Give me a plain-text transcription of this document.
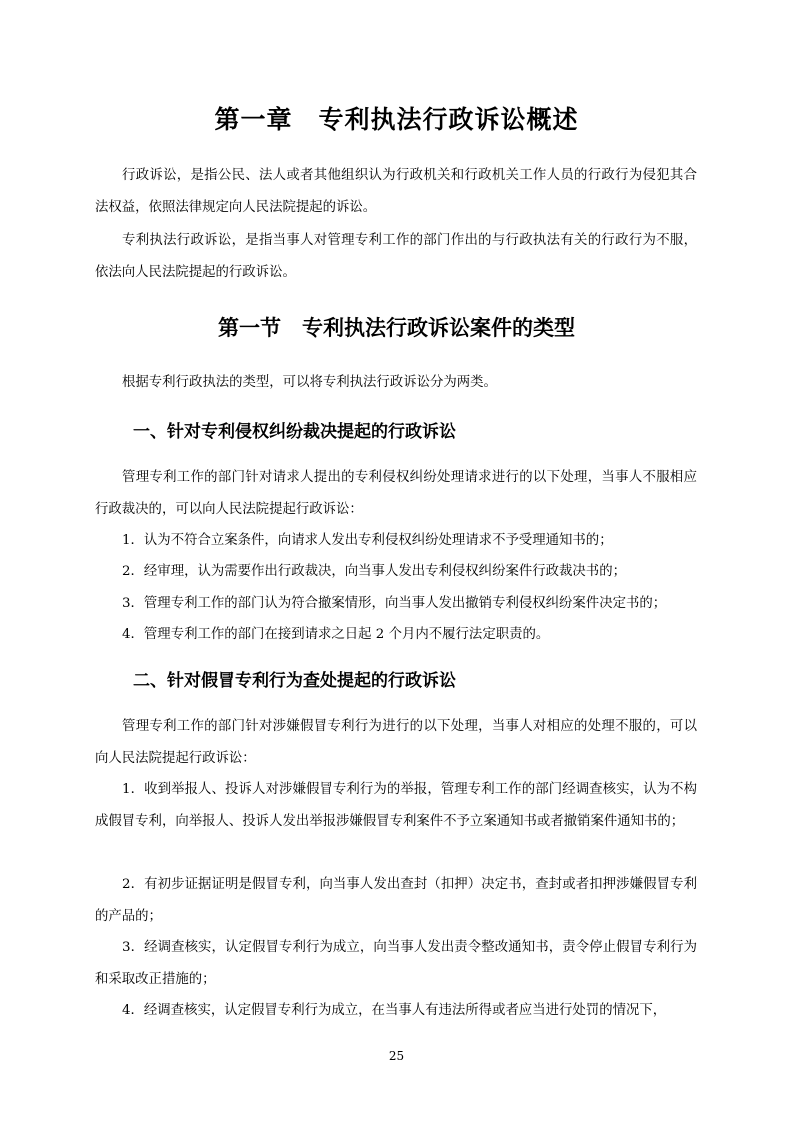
第一章　专利执法行政诉讼概述

行政诉讼，是指公民、法人或者其他组织认为行政机关和行政机关工作人员的行政行为侵犯其合法权益，依照法律规定向人民法院提起的诉讼。

专利执法行政诉讼，是指当事人对管理专利工作的部门作出的与行政执法有关的行政行为不服，依法向人民法院提起的行政诉讼。

第一节　专利执法行政诉讼案件的类型

根据专利行政执法的类型，可以将专利执法行政诉讼分为两类。

一、针对专利侵权纠纷裁决提起的行政诉讼

管理专利工作的部门针对请求人提出的专利侵权纠纷处理请求进行的以下处理，当事人不服相应行政裁决的，可以向人民法院提起行政诉讼：

1．认为不符合立案条件，向请求人发出专利侵权纠纷处理请求不予受理通知书的；

2．经审理，认为需要作出行政裁决，向当事人发出专利侵权纠纷案件行政裁决书的；

3．管理专利工作的部门认为符合撤案情形，向当事人发出撤销专利侵权纠纷案件决定书的；

4．管理专利工作的部门在接到请求之日起 2 个月内不履行法定职责的。

二、针对假冒专利行为查处提起的行政诉讼

管理专利工作的部门针对涉嫌假冒专利行为进行的以下处理，当事人对相应的处理不服的，可以向人民法院提起行政诉讼：

1．收到举报人、投诉人对涉嫌假冒专利行为的举报，管理专利工作的部门经调查核实，认为不构成假冒专利，向举报人、投诉人发出举报涉嫌假冒专利案件不予立案通知书或者撤销案件通知书的；

2．有初步证据证明是假冒专利，向当事人发出查封（扣押）决定书，查封或者扣押涉嫌假冒专利的产品的；

3．经调查核实，认定假冒专利行为成立，向当事人发出责令整改通知书，责令停止假冒专利行为和采取改正措施的；

4．经调查核实，认定假冒专利行为成立，在当事人有违法所得或者应当进行处罚的情况下，

25
